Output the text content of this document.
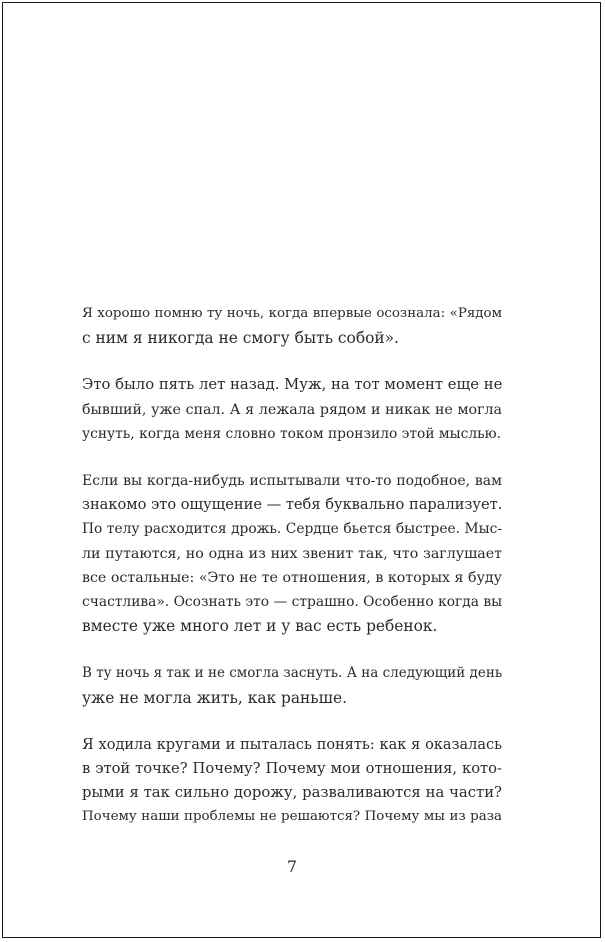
Я хорошо помню ту ночь, когда впервые осознала: «Рядом
с ним я никогда не смогу быть собой».

Это было пять лет назад. Муж, на тот момент еще не
бывший, уже спал. А я лежала рядом и никак не могла
уснуть, когда меня словно током пронзило этой мыслью.

Если вы когда-нибудь испытывали что-то подобное, вам
знакомо это ощущение — тебя буквально парализует.
По телу расходится дрожь. Сердце бьется быстрее. Мыс-
ли путаются, но одна из них звенит так, что заглушает
все остальные: «Это не те отношения, в которых я буду
счастлива». Осознать это — страшно. Особенно когда вы
вместе уже много лет и у вас есть ребенок.

В ту ночь я так и не смогла заснуть. А на следующий день
уже не могла жить, как раньше.

Я ходила кругами и пыталась понять: как я оказалась
в этой точке? Почему? Почему мои отношения, кото-
рыми я так сильно дорожу, разваливаются на части?
Почему наши проблемы не решаются? Почему мы из раза

7
